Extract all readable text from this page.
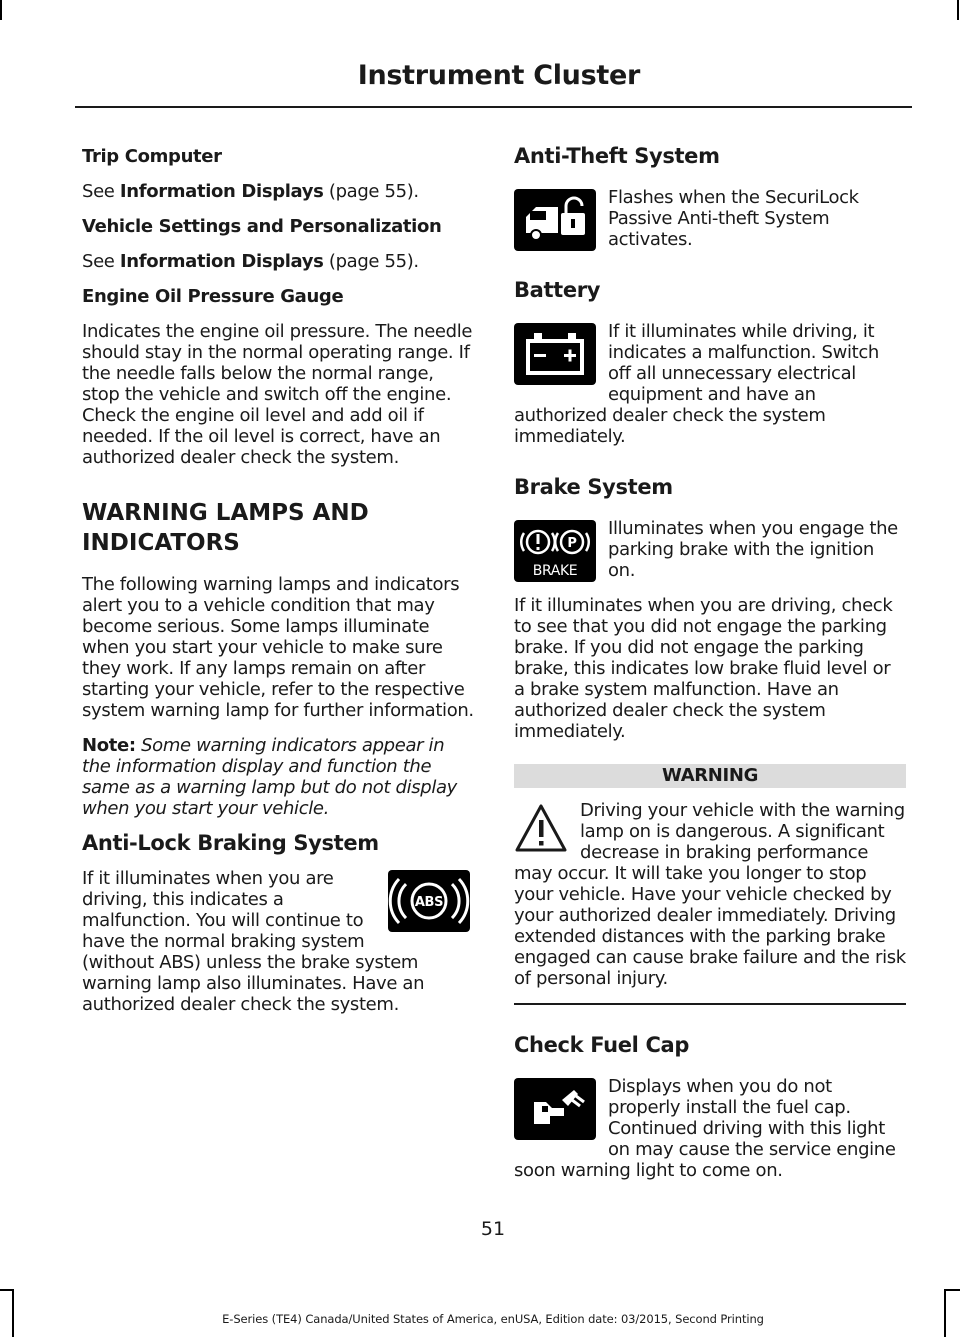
Instrument Cluster
Trip Computer

See Information Displays (page 55).

Vehicle Settings and Personalization

See Information Displays (page 55).

Engine Oil Pressure Gauge

Indicates the engine oil pressure. The needle should stay in the normal operating range. If the needle falls below the normal range, stop the vehicle and switch off the engine. Check the engine oil level and add oil if needed. If the oil level is correct, have an authorized dealer check the system.

WARNING LAMPS AND INDICATORS

The following warning lamps and indicators alert you to a vehicle condition that may become serious. Some lamps illuminate when you start your vehicle to make sure they work. If any lamps remain on after starting your vehicle, refer to the respective system warning lamp for further information.

Note: Some warning indicators appear in the information display and function the same as a warning lamp but do not display when you start your vehicle.

Anti-Lock Braking System
ABS

If it illuminates when you are driving, this indicates a malfunction. You will continue to have the normal braking system (without ABS) unless the brake system warning lamp also illuminates. Have an authorized dealer check the system.

Anti-Theft System

Flashes when the SecuriLock Passive Anti-theft System activates.

Battery

If it illuminates while driving, it indicates a malfunction. Switch off all unnecessary electrical equipment and have an authorized dealer check the system immediately.

Brake System
P
BRAKE

Illuminates when you engage the parking brake with the ignition on.

If it illuminates when you are driving, check to see that you did not engage the parking brake. If you did not engage the parking brake, this indicates low brake fluid level or a brake system malfunction. Have an authorized dealer check the system immediately.

WARNING

Driving your vehicle with the warning lamp on is dangerous. A significant decrease in braking performance may occur. It will take you longer to stop your vehicle. Have your vehicle checked by your authorized dealer immediately. Driving extended distances with the parking brake engaged can cause brake failure and the risk of personal injury.

Check Fuel Cap

Displays when you do not properly install the fuel cap. Continued driving with this light on may cause the service engine soon warning light to come on.

51
E-Series (TE4) Canada/United States of America, enUSA, Edition date: 03/2015, Second Printing
